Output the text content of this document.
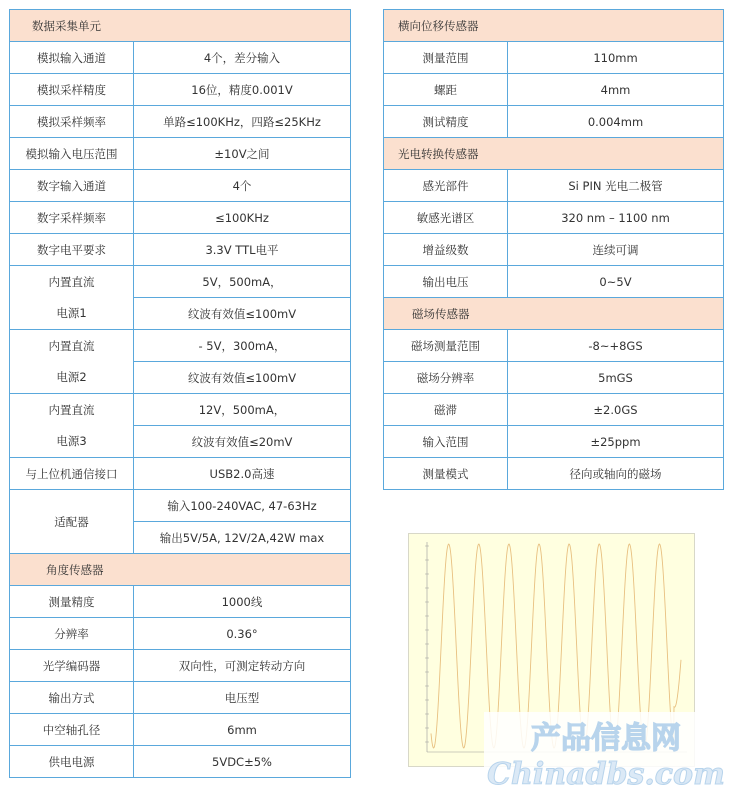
数据采集单元	
模拟输入通道	4个，差分输入
模拟采样精度	16位，精度0.001V
模拟采样频率	单路≤100KHz，四路≤25KHz
模拟输入电压范围	±10V之间
数字输入通道	4个
数字采样频率	≤100KHz
数字电平要求	3.3V TTL电平
内置直流	5V，500mA，
电源1	纹波有效值≤100mV
内置直流	- 5V，300mA，
电源2	纹波有效值≤100mV
内置直流	12V，500mA，
电源3	纹波有效值≤20mV
与上位机通信接口	USB2.0高速
适配器	输入100-240VAC, 47-63Hz
	输出5V/5A, 12V/2A,42W max
角度传感器	
测量精度	1000线
分辨率	0.36°
光学编码器	双向性，可测定转动方向
输出方式	电压型
中空轴孔径	6mm
供电电源	5VDC±5%
横向位移传感器	
测量范围	110mm
螺距	4mm
测试精度	0.004mm
光电转换传感器	
感光部件	Si PIN 光电二极管
敏感光谱区	320 nm – 1100 nm
增益级数	连续可调
输出电压	0~5V
磁场传感器	
磁场测量范围	-8~+8GS
磁场分辨率	5mGS
磁滞	±2.0GS
输入范围	±25ppm
测量模式	径向或轴向的磁场
产品信息网
Chinadbs.com
